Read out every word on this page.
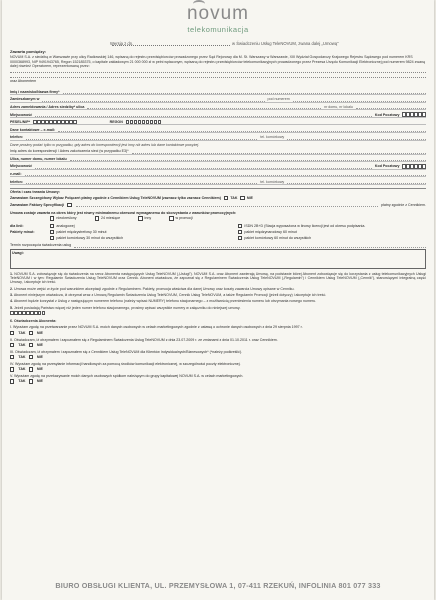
novum
telekomunikacja
Wersja z dn.	w Świadczeniu Usług TeleNOVUM, zwana dalej „Umową”
Zawarta pomiędzy:
NOVUM S.A. z siedzibą w Warszawie przy ulicy Radiowskiej 146, wpisaną do rejestru przedsiębiorców prowadzonego przez Sąd Rejonowy dla M. St. Warszawy w Warszawie, XIII Wydział Gospodarczy Krajowego Rejestru Sądowego pod numerem KRS 0000368993, NIP 9491943765, Regon 152185375, o kapitale zakładowym 21 000 000 zł w pełni wpłaconym, wpisaną do rejestru przedsiębiorców telekomunikacyjnych prowadzonego przez Prezesa Urzędu Komunikacji Elektronicznej pod numerem 9824 zwaną dalej również Operatorem, reprezentowaną przez:
oraz Abonentem
Imię i nazwisko/Nazwa firmy*
Zamieszkanym w	pod numerem
Adres zameldowania / Adres siedziby* ulica	nr domu, nr lokalu
Miejscowość	Kod Pocztowy
PESEL/NIP*	REGON
Dane kontaktowe – e-mail:
telefon:	tel. komórkowy
Dane prosimy podać tylko w przypadku, gdy adres do korespondencji jest inny niż adres lub dane kontaktowe powyżej.
Imię adres do korespondencji / Adres zakończenia sieci (w przypadku E3)*
Ulica, numer domu, numer lokalu
Miejscowość	Kod Pocztowy
e-mail:
telefon:	tel. komórkowy
Oferta i czas trwania Umowy:
Zamawiam Szczegółowy Wykaz Połączeń płatny zgodnie z Cennikiem Usług TeleNOVUM (zaznacz tylko zaznacz Cennikiem)	TAK	NIE
Zamawiam Faktury Specyfikacji	płatny zgodnie z Cennikiem.
Umowa zostaje zawarta na okres który jest równy minimalnemu okresowi wymaganemu do skorzystania z warunków promocyjnych:
nieokreślony	24 miesiące	inny	w promocji
dla linii:	analogowej	ISDN 2B+D (Stacja wyposażona w linowy licencji jest od okresu podpisania.
Pakiety minut:	pakiet międzystrefowy 30 minut	pakiet międzynarodowy 60 minut
pakiet komórkowy 30 minut do wszystkich	pakiet komórkowy 60 minut do wszystkich
Termin rozpoczęcia świadczenia usług
Uwagi:
1. NOVUM S.A. zobowiązuje się do świadczenia na rzecz Abonenta następujących Usług TeleNOVUM („Usługi”). NOVUM S.A. oraz Abonent zawierają Umowę, na podstawie której Abonent zobowiązuje się do korzystania z usług telekomunikacyjnych Usługi TeleNOVUM i w tym: Regulamin Świadczenia Usług TeleNOVUM oraz Cennik. Abonent oświadcza, że zapoznał się z Regulaminem Świadczenia Usług TeleNOVUM („Regulamin”) i Cennikiem Usług TeleNOVUM („Cennik”), stanowiącymi integralną część Umowy, i akceptuje ich treść.
2. Umowa może wejść w życie pod warunkiem akceptacji zgodnie z Regulaminem. Pakiety, promocja właściwa dla danej Umowy oraz koszty zawarcia Umowy opisane w Cenniku.
3. Abonent niniejszym oświadcza, iż otrzymał wraz z Umową Regulamin Świadczenia Usług TeleNOVUM, Cennik Usług TeleNOVUM, a także Regulamin Promocji (jeżeli dotyczy) i akceptuje ich treść.
4. Abonent będzie korzystał z Usług z następującym numerem telefonu (należy wpisać NUMERY) telefonu stacjonarnego – z możliwością przeniesienia numeru lub otrzymania nowego numeru.
5. Jeżeli posiadają Państwo więcej niż jeden numer telefonu stacjonarnego, prosimy wpisać wszystkie numery w załączniku do niniejszej umowy.
6. Oświadczenia Abonenta:
I. Wyrażam zgodę na przetwarzanie przez NOVUM S.A. moich danych osobowych w celach marketingowych zgodnie z ustawą o ochronie danych osobowych z dnia 29 sierpnia 1997 r.
TAK	NIE
II. Oświadczam, iż otrzymałem i zapoznałem się z Regulaminem Świadczenia Usług TeleNOVUM z dnia 23.07.2009 r. ze zmianami z dnia 01.10.2011 r. oraz Cennikiem.
TAK	NIE
III. Oświadczam, iż otrzymałem i zapoznałem się z Cennikiem Usług TeleNOVUM dla Klientów Indywidualnych/Biznesowych* (*należy podkreślić).
TAK	NIE
IV. Wyrażam zgodę na przesyłanie informacji handlowych za pomocą środków komunikacji elektronicznej, w szczególności poczty elektronicznej.
TAK	NIE
V. Wyrażam zgodę na przekazywanie moich danych osobowych spółkom należącym do grupy kapitałowej NOVUM S.A. w celach marketingowych.
TAK	NIE
BIURO OBSŁUGI KLIENTA, UL. PRZEMYSŁOWA 1, 07-411 RZEKUŃ, INFOLINIA 801 077 333
